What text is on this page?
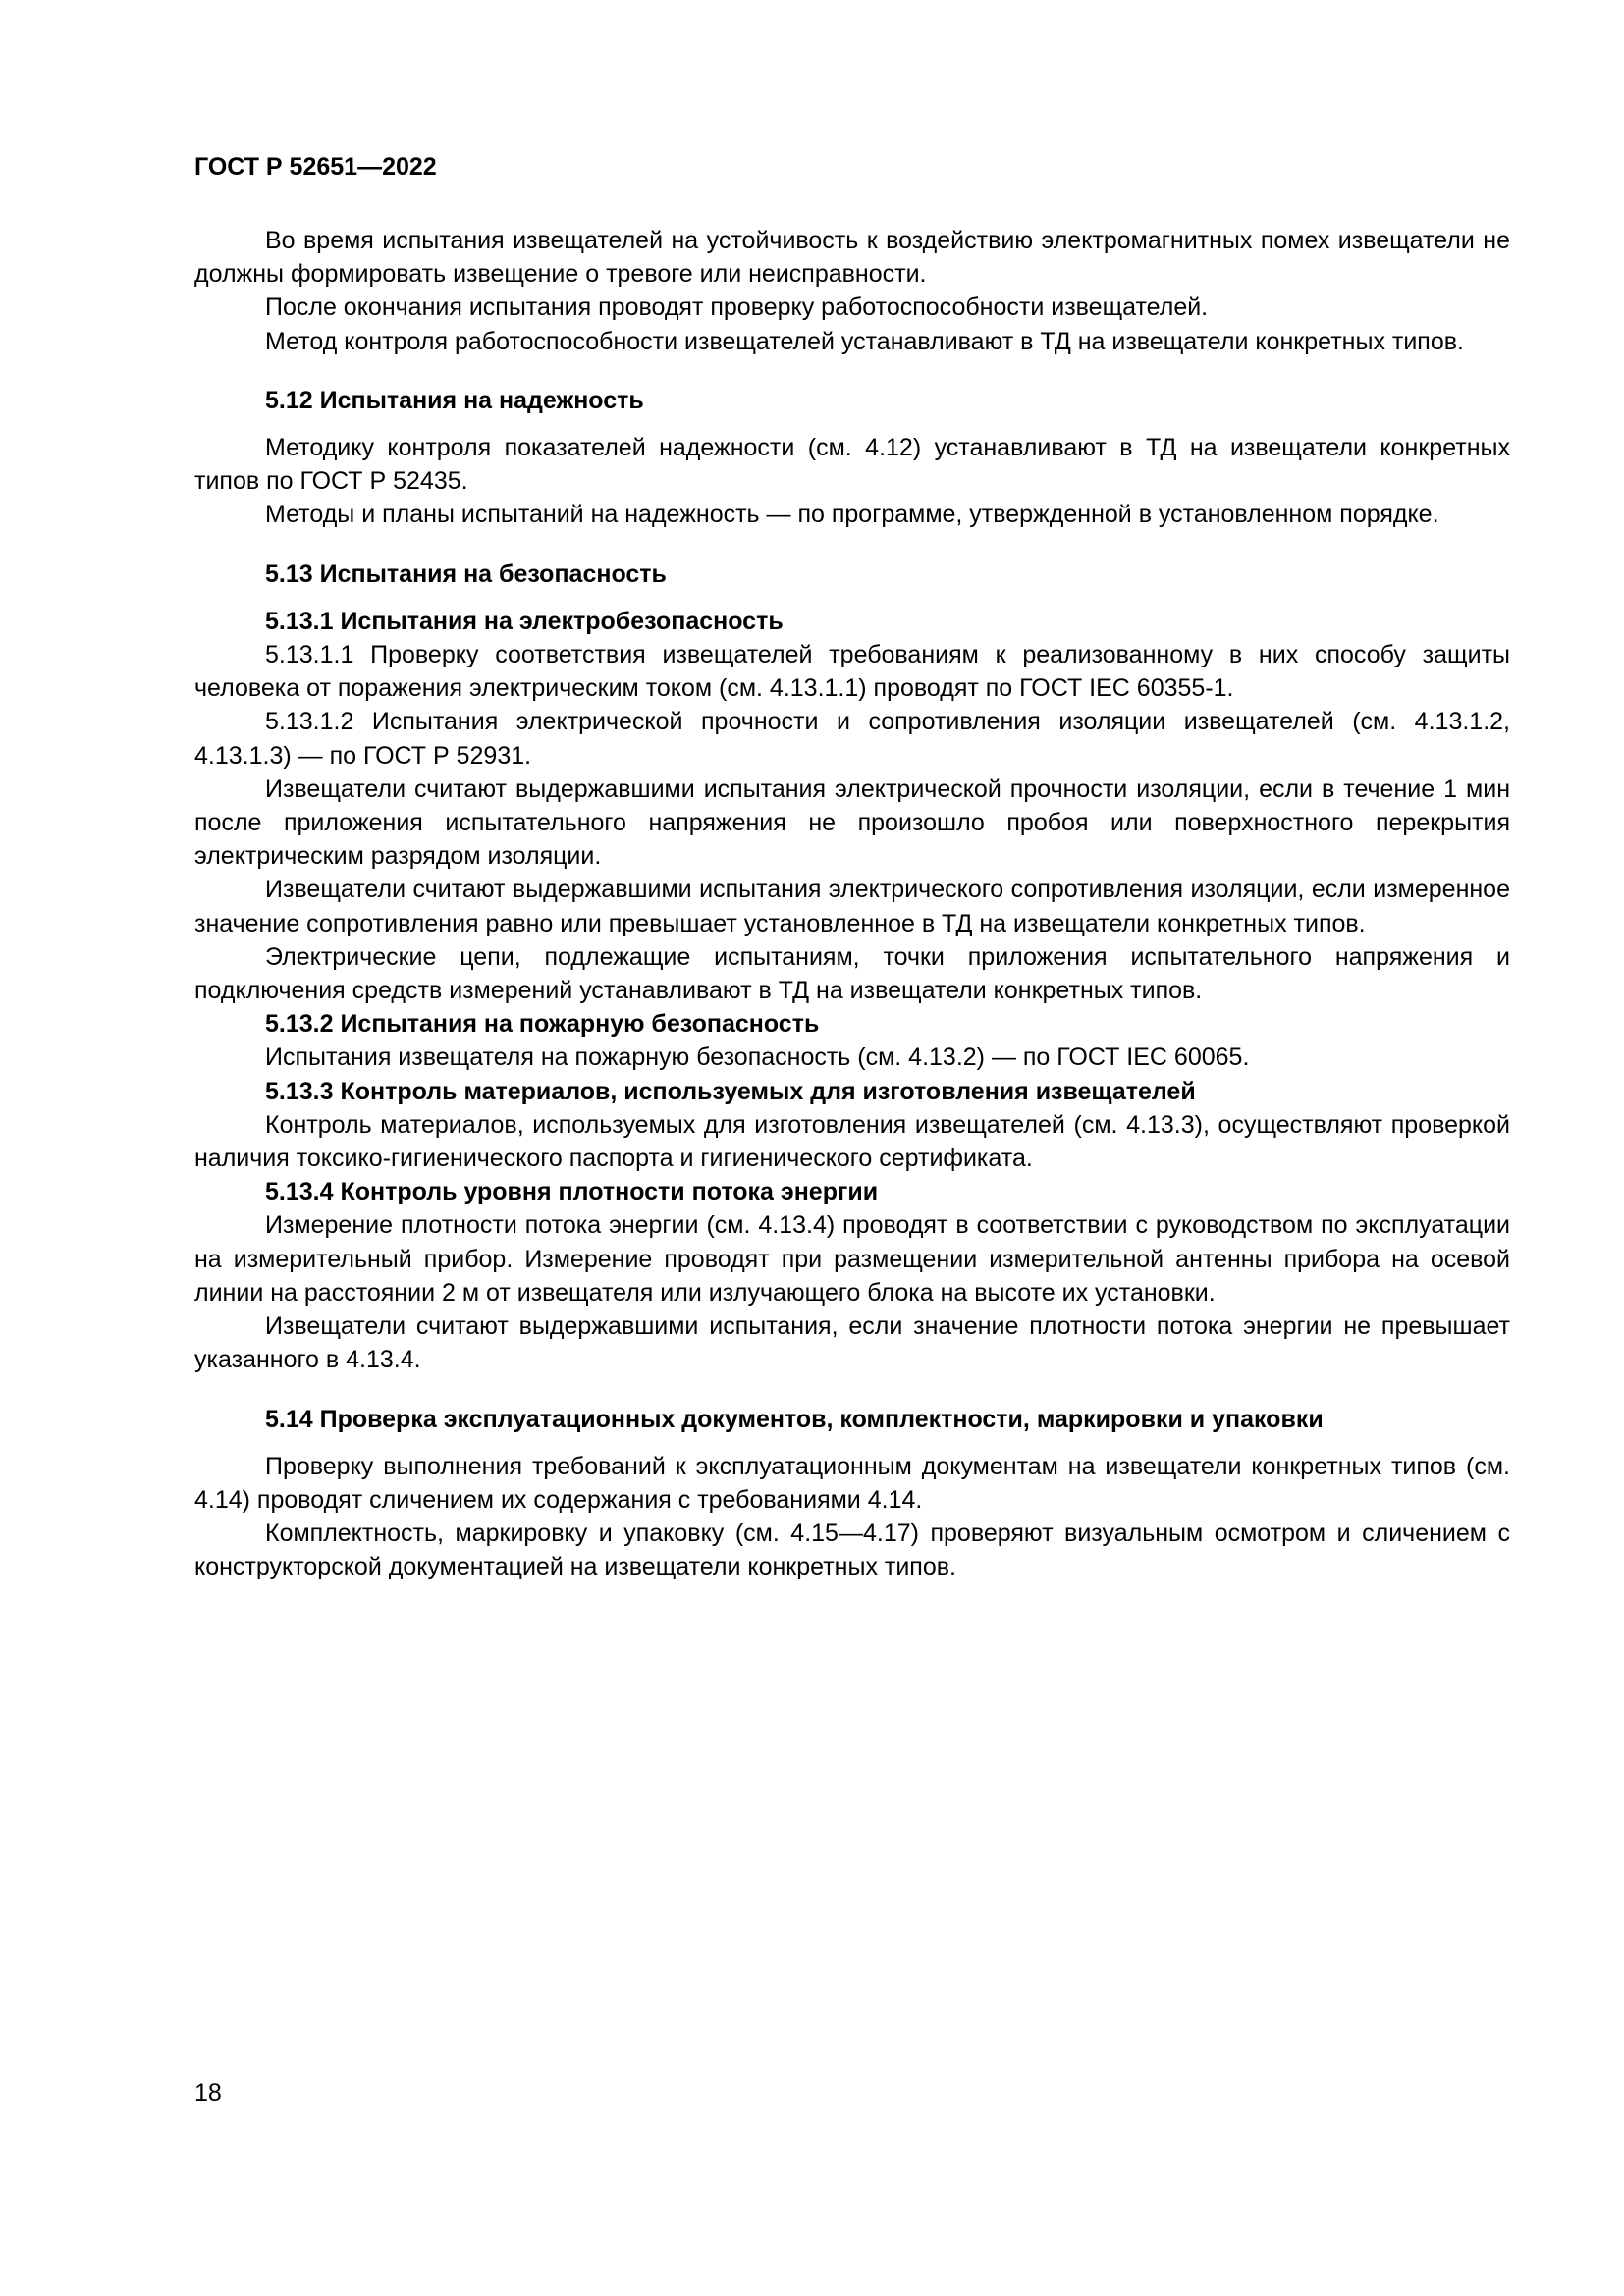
ГОСТ Р 52651—2022

Во время испытания извещателей на устойчивость к воздействию электромагнитных помех извещатели не должны формировать извещение о тревоге или неисправности.

После окончания испытания проводят проверку работоспособности извещателей.

Метод контроля работоспособности извещателей устанавливают в ТД на извещатели конкретных типов.

5.12 Испытания на надежность

Методику контроля показателей надежности (см. 4.12) устанавливают в ТД на извещатели конкретных типов по ГОСТ Р 52435.

Методы и планы испытаний на надежность — по программе, утвержденной в установленном порядке.

5.13 Испытания на безопасность

5.13.1 Испытания на электробезопасность

5.13.1.1 Проверку соответствия извещателей требованиям к реализованному в них способу защиты человека от поражения электрическим током (см. 4.13.1.1) проводят по ГОСТ IEC 60355-1.

5.13.1.2 Испытания электрической прочности и сопротивления изоляции извещателей (см. 4.13.1.2, 4.13.1.3) — по ГОСТ Р 52931.

Извещатели считают выдержавшими испытания электрической прочности изоляции, если в течение 1 мин после приложения испытательного напряжения не произошло пробоя или поверхностного перекрытия электрическим разрядом изоляции.

Извещатели считают выдержавшими испытания электрического сопротивления изоляции, если измеренное значение сопротивления равно или превышает установленное в ТД на извещатели конкретных типов.

Электрические цепи, подлежащие испытаниям, точки приложения испытательного напряжения и подключения средств измерений устанавливают в ТД на извещатели конкретных типов.

5.13.2 Испытания на пожарную безопасность

Испытания извещателя на пожарную безопасность (см. 4.13.2) — по ГОСТ IEC 60065.

5.13.3 Контроль материалов, используемых для изготовления извещателей

Контроль материалов, используемых для изготовления извещателей (см. 4.13.3), осуществляют проверкой наличия токсико-гигиенического паспорта и гигиенического сертификата.

5.13.4 Контроль уровня плотности потока энергии

Измерение плотности потока энергии (см. 4.13.4) проводят в соответствии с руководством по эксплуатации на измерительный прибор. Измерение проводят при размещении измерительной антенны прибора на осевой линии на расстоянии 2 м от извещателя или излучающего блока на высоте их установки.

Извещатели считают выдержавшими испытания, если значение плотности потока энергии не превышает указанного в 4.13.4.

5.14 Проверка эксплуатационных документов, комплектности, маркировки и упаковки

Проверку выполнения требований к эксплуатационным документам на извещатели конкретных типов (см. 4.14) проводят сличением их содержания с требованиями 4.14.

Комплектность, маркировку и упаковку (см. 4.15—4.17) проверяют визуальным осмотром и сличением с конструкторской документацией на извещатели конкретных типов.

18
